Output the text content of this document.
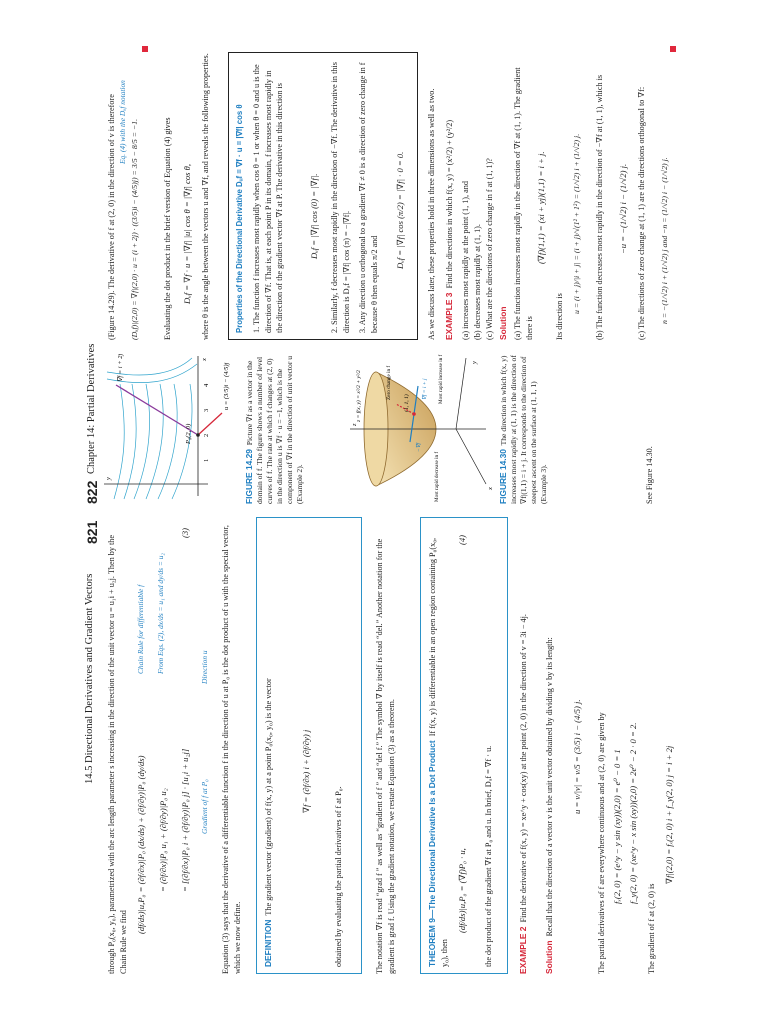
14.5 Directional Derivatives and Gradient Vectors
821
through P₀(x₀, y₀), parametrized with the arc length parameter s increasing in the direction of the unit vector u = u₁i + u₂j. Then by the Chain Rule we find
(df/ds)|u,P₀ = (∂f/∂x)|P₀ (dx/ds) + (∂f/∂y)|P₀ (dy/ds)
Chain Rule for differentiable f
= (∂f/∂x)|P₀ u₁ + (∂f/∂y)|P₀ u₂
From Eqs. (2), dx/ds = u₁ and dy/ds = u₂
= [(∂f/∂x)|P₀ i + (∂f/∂y)|P₀ j] · [u₁i + u₂j]
(3)
Gradient of f at P₀
Direction u Equation (3) says that the derivative of a differentiable function f in the direction of u at P₀ is the dot product of u with the special vector, which we now define.	DEFINITION  The gradient vector (gradient) of f(x, y) at a point P₀(x₀, y₀) is the vector	∇f = (∂f/∂x) i + (∂f/∂y) j
obtained by evaluating the partial derivatives of f at P₀.	The notation ∇f is read “grad f ” as well as “gradient of f ” and “del f.” The symbol ∇ by itself is read “del.” Another notation for the gradient is grad f. Using the gradient notation, we restate Equation (3) as a theorem.	THEOREM 9—The Directional Derivative Is a Dot Product  If f(x, y) is differentiable in an open region containing P₀(x₀, y₀), then
(df/ds)|u,P₀ = (∇f)P₀ · u,
(4)
the dot product of the gradient ∇f at P₀ and u. In brief, Dᵤf = ∇f · u.	EXAMPLE 2  Find the derivative of f(x, y) = xe^y + cos(xy) at the point (2, 0) in the direction of v = 3i − 4j.
Solution  Recall that the direction of a vector v is the unit vector obtained by dividing v by its length: u = v/|v| = v/5 = (3/5) i − (4/5) j. The partial derivatives of f are everywhere continuous and at (2, 0) are given by fₓ(2, 0) = (e^y − y sin (xy))(2,0) = e⁰ − 0 = 1 f_y(2, 0) = (xe^y − x sin (xy))(2,0) = 2e⁰ − 2 · 0 = 2.
The gradient of f at (2, 0) is
∇f|(2,0) = fₓ(2, 0) i + f_y(2, 0) j = i + 2j
822
Chapter 14: Partial Derivatives	1
2
3
4
∇f = i + 2j
P₀(2, 0)
u = (3/5)i − (4/5)j
x
y	FIGURE 14.29  Picture ∇f as a vector in the domain of f. The figure shows a number of level curves of f. The rate at which f changes at (2, 0) in the direction u is ∇f · u = −1, which is the component of ∇f in the direction of unit vector u (Example 2).
z
x
y
z = f(x, y) = x²/2 + y²/2	(1, 1, 1)
∇f = i + j
−∇f
Most rapid decrease in f
Most rapid increase in f
Zero change in f
FIGURE 14.30  The direction in which f(x, y) increases most rapidly at (1, 1) is the direction of ∇f|(1,1) = i + j. It corresponds to the direction of steepest ascent on the surface at (1, 1, 1) (Example 3).	See Figure 14.30.
(Figure 14.29). The derivative of f at (2, 0) in the direction of v is therefore (Dᵤf)|(2,0) = ∇f|(2,0) · u = (i + 2j) · ((3/5)i − (4/5)j) = 3/5 − 8/5 = −1.
Eq. (4) with the Dᵤf notation	Evaluating the dot product in the brief version of Equation (4) gives Dᵤf = ∇f · u = |∇f| |u| cos θ = |∇f| cos θ, where θ is the angle between the vectors u and ∇f, and reveals the following properties.	Properties of the Directional Derivative Dᵤf = ∇f · u = |∇f| cos θ 1. The function f increases most rapidly when cos θ = 1 or when θ = 0 and u is the direction of ∇f. That is, at each point P in its domain, f increases most rapidly in the direction of the gradient vector ∇f at P. The derivative in this direction is	Dᵤf = |∇f| cos (0) = |∇f|. 2. Similarly, f decreases most rapidly in the direction of −∇f. The derivative in this direction is Dᵤf = |∇f| cos (π) = −|∇f|. 3. Any direction u orthogonal to a gradient ∇f ≠ 0 is a direction of zero change in f because θ then equals π/2 and
Dᵤf = |∇f| cos (π/2) = |∇f| · 0 = 0.	As we discuss later, these properties hold in three dimensions as well as two. EXAMPLE 3  Find the directions in which f(x, y) = (x²/2) + (y²/2) (a) increases most rapidly at the point (1, 1), and (b) decreases most rapidly at (1, 1). (c) What are the directions of zero change in f at (1, 1)? Solution (a) The function increases most rapidly in the direction of ∇f at (1, 1). The gradient there is
(∇f)(1,1) = (xi + yj)(1,1) = i + j.
Its direction is
u = (i + j)/|i + j| = (i + j)/√(1² + 1²) = (1/√2) i + (1/√2) j. (b) The function decreases most rapidly in the direction of −∇f at (1, 1), which is −u = −(1/√2) i − (1/√2) j. (c) The directions of zero change at (1, 1) are the directions orthogonal to ∇f: n = −(1/√2) i + (1/√2) j and −n = (1/√2) i − (1/√2) j.
